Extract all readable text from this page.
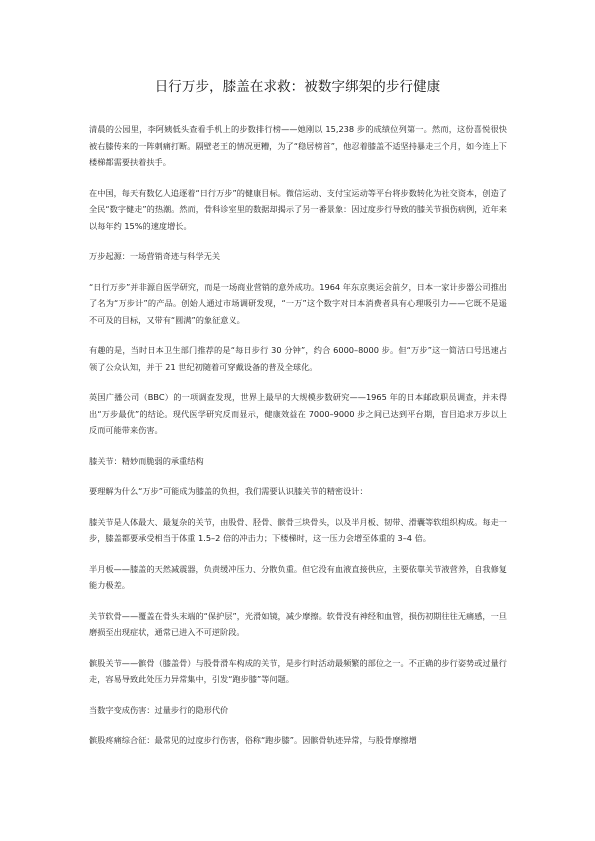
日行万步，膝盖在求救：被数字绑架的步行健康

清晨的公园里，李阿姨低头查看手机上的步数排行榜——她刚以 15,238 步的成绩位列第一。然而，这份喜悦很快被右膝传来的一阵刺痛打断。隔壁老王的情况更糟，为了“稳居榜首”，他忍着膝盖不适坚持暴走三个月，如今连上下楼梯都需要扶着扶手。

在中国，每天有数亿人追逐着“日行万步”的健康目标。微信运动、支付宝运动等平台将步数转化为社交资本，创造了全民“数字健走”的热潮。然而，骨科诊室里的数据却揭示了另一番景象：因过度步行导致的膝关节损伤病例，近年来以每年约 15%的速度增长。

万步起源：一场营销奇迹与科学无关

“日行万步”并非源自医学研究，而是一场商业营销的意外成功。1964 年东京奥运会前夕，日本一家计步器公司推出了名为“万步计”的产品。创始人通过市场调研发现，“一万”这个数字对日本消费者具有心理吸引力——它既不是遥不可及的目标，又带有“圆满”的象征意义。

有趣的是，当时日本卫生部门推荐的是“每日步行 30 分钟”，约合 6000–8000 步。但“万步”这一简洁口号迅速占领了公众认知，并于 21 世纪初随着可穿戴设备的普及全球化。

英国广播公司（BBC）的一项调查发现，世界上最早的大规模步数研究——1965 年的日本邮政职员调查，并未得出“万步最优”的结论。现代医学研究反而显示，健康效益在 7000–9000 步之间已达到平台期，盲目追求万步以上反而可能带来伤害。

膝关节：精妙而脆弱的承重结构

要理解为什么“万步”可能成为膝盖的负担，我们需要认识膝关节的精密设计：

膝关节是人体最大、最复杂的关节，由股骨、胫骨、髌骨三块骨头，以及半月板、韧带、滑囊等软组织构成。每走一步，膝盖都要承受相当于体重 1.5–2 倍的冲击力；下楼梯时，这一压力会增至体重的 3–4 倍。

半月板——膝盖的天然减震器，负责缓冲压力、分散负重。但它没有血液直接供应，主要依靠关节液营养，自我修复能力极差。

关节软骨——覆盖在骨头末端的“保护层”，光滑如镜，减少摩擦。软骨没有神经和血管，损伤初期往往无痛感，一旦磨损至出现症状，通常已进入不可逆阶段。

髌股关节——髌骨（膝盖骨）与股骨滑车构成的关节，是步行时活动最频繁的部位之一。不正确的步行姿势或过量行走，容易导致此处压力异常集中，引发“跑步膝”等问题。

当数字变成伤害：过量步行的隐形代价

髌股疼痛综合征：最常见的过度步行伤害，俗称“跑步膝”。因髌骨轨迹异常，与股骨摩擦增
